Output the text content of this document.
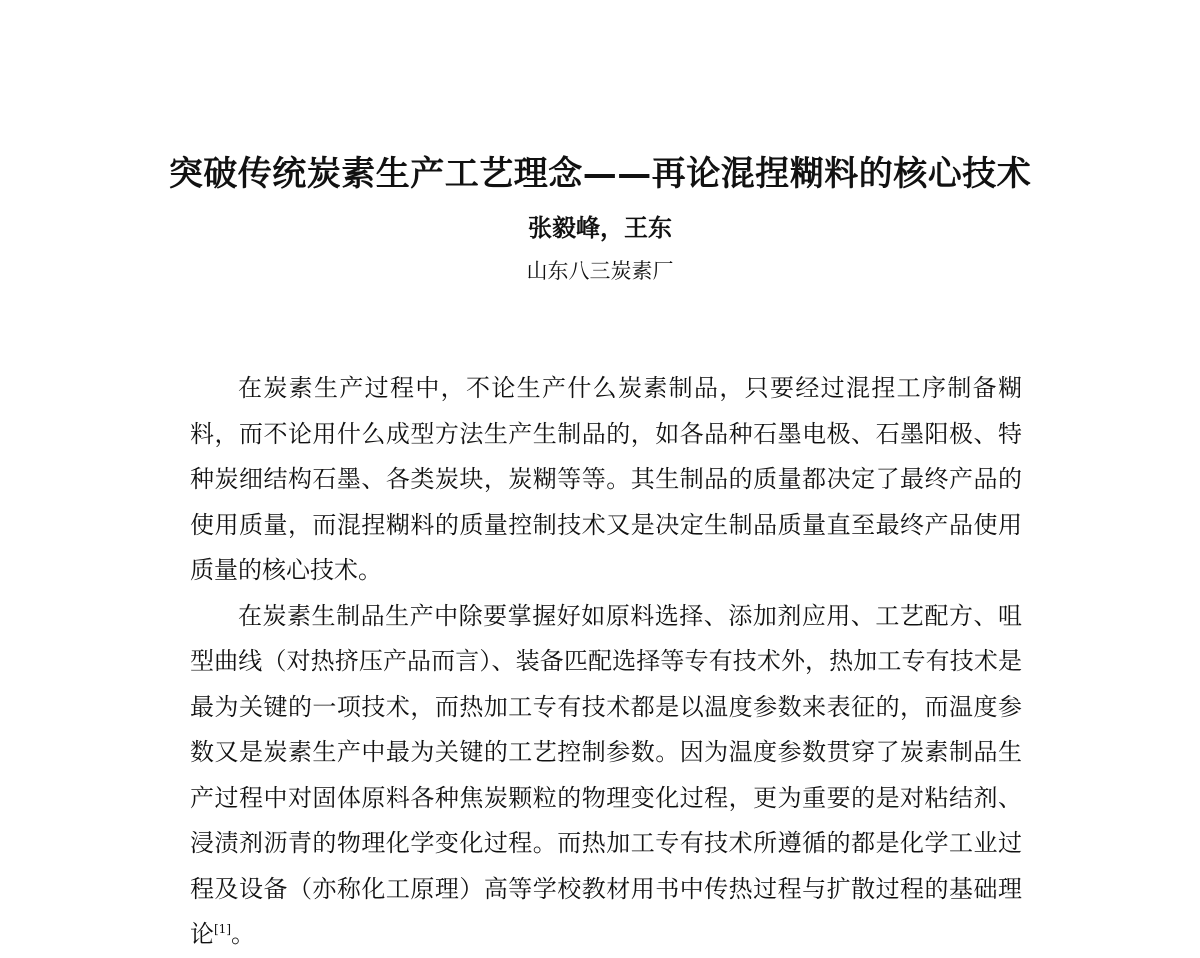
突破传统炭素生产工艺理念——再论混捏糊料的核心技术
张毅峰，王东
山东八三炭素厂

在炭素生产过程中，不论生产什么炭素制品，只要经过混捏工序制备糊料，而不论用什么成型方法生产生制品的，如各品种石墨电极、石墨阳极、特种炭细结构石墨、各类炭块，炭糊等等。其生制品的质量都决定了最终产品的使用质量，而混捏糊料的质量控制技术又是决定生制品质量直至最终产品使用质量的核心技术。

在炭素生制品生产中除要掌握好如原料选择、添加剂应用、工艺配方、咀型曲线（对热挤压产品而言）、装备匹配选择等专有技术外，热加工专有技术是最为关键的一项技术，而热加工专有技术都是以温度参数来表征的，而温度参数又是炭素生产中最为关键的工艺控制参数。因为温度参数贯穿了炭素制品生产过程中对固体原料各种焦炭颗粒的物理变化过程，更为重要的是对粘结剂、浸渍剂沥青的物理化学变化过程。而热加工专有技术所遵循的都是化学工业过程及设备（亦称化工原理）高等学校教材用书中传热过程与扩散过程的基础理论[1]。
